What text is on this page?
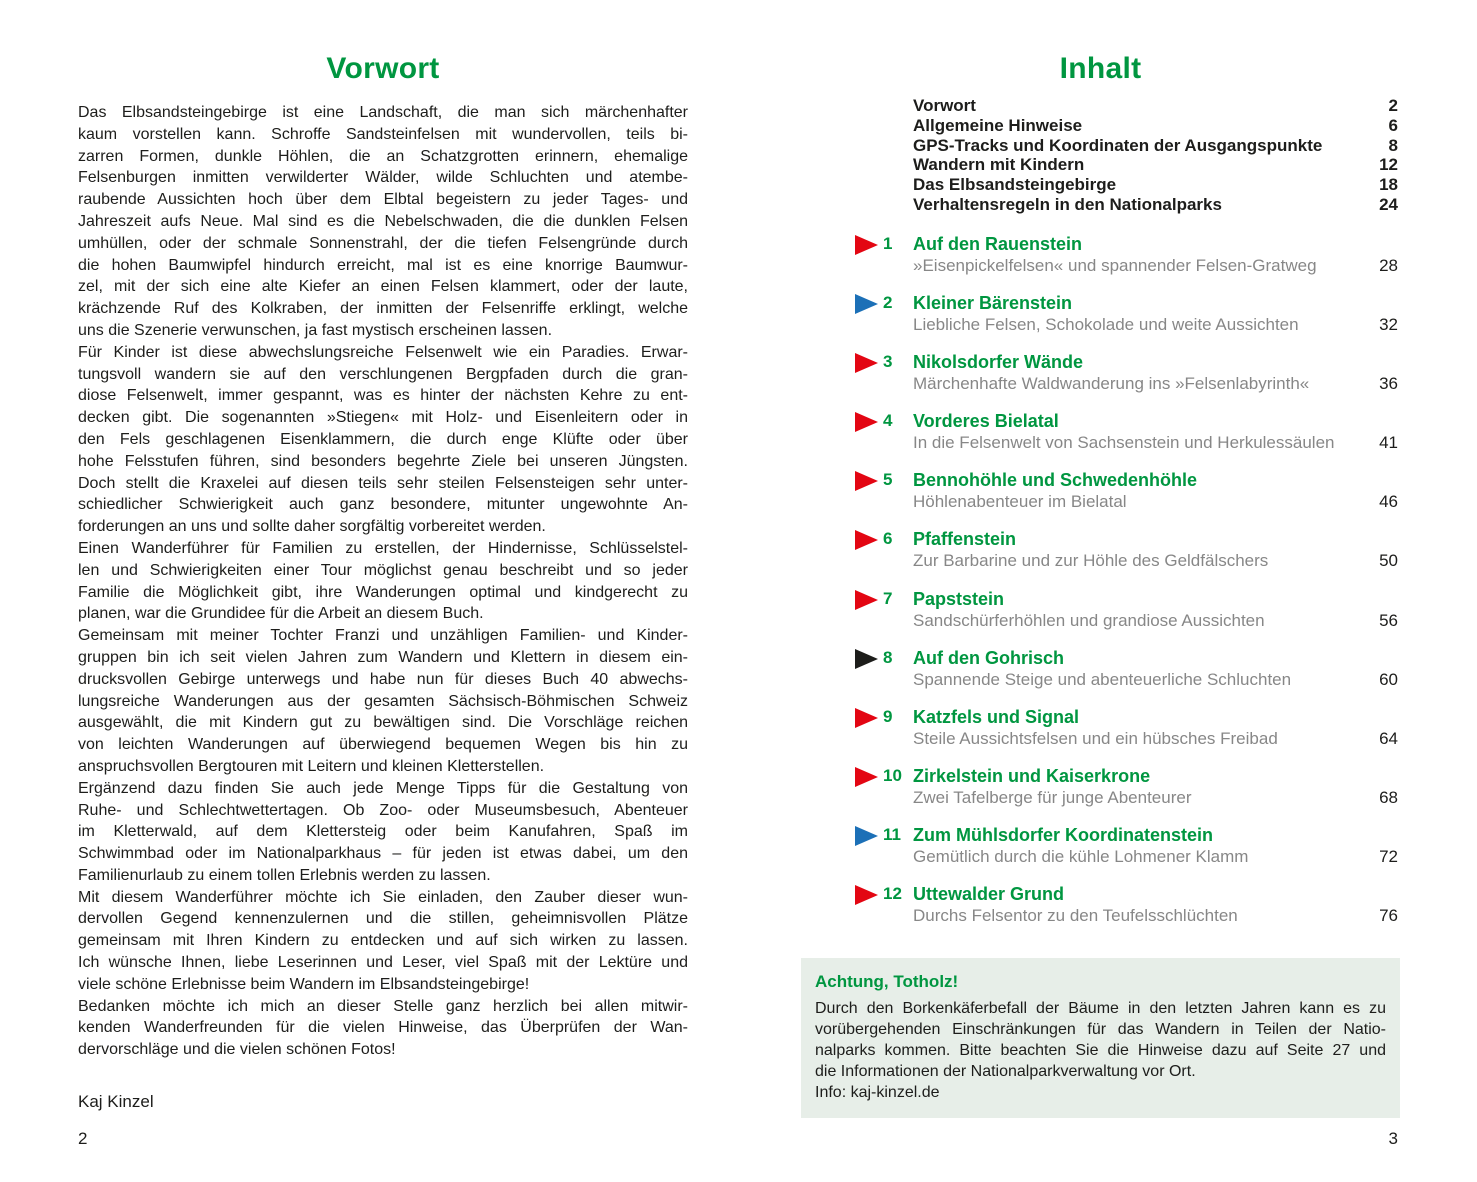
Vorwort
Das Elbsandsteingebirge ist eine Landschaft, die man sich märchenhafter
kaum vorstellen kann. Schroffe Sandsteinfelsen mit wundervollen, teils bi-
zarren Formen, dunkle Höhlen, die an Schatzgrotten erinnern, ehemalige
Felsenburgen inmitten verwilderter Wälder, wilde Schluchten und atembe-
raubende Aussichten hoch über dem Elbtal begeistern zu jeder Tages- und
Jahreszeit aufs Neue. Mal sind es die Nebelschwaden, die die dunklen Felsen
umhüllen, oder der schmale Sonnenstrahl, der die tiefen Felsengründe durch
die hohen Baumwipfel hindurch erreicht, mal ist es eine knorrige Baumwur-
zel, mit der sich eine alte Kiefer an einen Felsen klammert, oder der laute,
krächzende Ruf des Kolkraben, der inmitten der Felsenriffe erklingt, welche
uns die Szenerie verwunschen, ja fast mystisch erscheinen lassen.
Für Kinder ist diese abwechslungsreiche Felsenwelt wie ein Paradies. Erwar-
tungsvoll wandern sie auf den verschlungenen Bergpfaden durch die gran-
diose Felsenwelt, immer gespannt, was es hinter der nächsten Kehre zu ent-
decken gibt. Die sogenannten »Stiegen« mit Holz- und Eisenleitern oder in
den Fels geschlagenen Eisenklammern, die durch enge Klüfte oder über
hohe Felsstufen führen, sind besonders begehrte Ziele bei unseren Jüngsten.
Doch stellt die Kraxelei auf diesen teils sehr steilen Felsensteigen sehr unter-
schiedlicher Schwierigkeit auch ganz besondere, mitunter ungewohnte An-
forderungen an uns und sollte daher sorgfältig vorbereitet werden.
Einen Wanderführer für Familien zu erstellen, der Hindernisse, Schlüsselstel-
len und Schwierigkeiten einer Tour möglichst genau beschreibt und so jeder
Familie die Möglichkeit gibt, ihre Wanderungen optimal und kindgerecht zu
planen, war die Grundidee für die Arbeit an diesem Buch.
Gemeinsam mit meiner Tochter Franzi und unzähligen Familien- und Kinder-
gruppen bin ich seit vielen Jahren zum Wandern und Klettern in diesem ein-
drucksvollen Gebirge unterwegs und habe nun für dieses Buch 40 abwechs-
lungsreiche Wanderungen aus der gesamten Sächsisch-Böhmischen Schweiz
ausgewählt, die mit Kindern gut zu bewältigen sind. Die Vorschläge reichen
von leichten Wanderungen auf überwiegend bequemen Wegen bis hin zu
anspruchsvollen Bergtouren mit Leitern und kleinen Kletterstellen.
Ergänzend dazu finden Sie auch jede Menge Tipps für die Gestaltung von
Ruhe- und Schlechtwettertagen. Ob Zoo- oder Museumsbesuch, Abenteuer
im Kletterwald, auf dem Klettersteig oder beim Kanufahren, Spaß im
Schwimmbad oder im Nationalparkhaus – für jeden ist etwas dabei, um den
Familienurlaub zu einem tollen Erlebnis werden zu lassen.
Mit diesem Wanderführer möchte ich Sie einladen, den Zauber dieser wun-
dervollen Gegend kennenzulernen und die stillen, geheimnisvollen Plätze
gemeinsam mit Ihren Kindern zu entdecken und auf sich wirken zu lassen.
Ich wünsche Ihnen, liebe Leserinnen und Leser, viel Spaß mit der Lektüre und
viele schöne Erlebnisse beim Wandern im Elbsandsteingebirge!
Bedanken möchte ich mich an dieser Stelle ganz herzlich bei allen mitwir-
kenden Wanderfreunden für die vielen Hinweise, das Überprüfen der Wan-
dervorschläge und die vielen schönen Fotos!
Kaj Kinzel
2
Inhalt
Vorwort	2
Allgemeine Hinweise	6
GPS-Tracks und Koordinaten der Ausgangspunkte	8
Wandern mit Kindern	12
Das Elbsandsteingebirge	18
Verhaltensregeln in den Nationalparks	24
1 Auf den Rauenstein
»Eisenpickelfelsen« und spannender Felsen-Gratweg	28
2 Kleiner Bärenstein
Liebliche Felsen, Schokolade und weite Aussichten	32
3 Nikolsdorfer Wände
Märchenhafte Waldwanderung ins »Felsenlabyrinth«	36
4 Vorderes Bielatal
In die Felsenwelt von Sachsenstein und Herkulessäulen	41
5 Bennohöhle und Schwedenhöhle
Höhlenabenteuer im Bielatal	46
6 Pfaffenstein
Zur Barbarine und zur Höhle des Geldfälschers	50
7 Papststein
Sandschürferhöhlen und grandiose Aussichten	56
8 Auf den Gohrisch
Spannende Steige und abenteuerliche Schluchten	60
9 Katzfels und Signal
Steile Aussichtsfelsen und ein hübsches Freibad	64
10 Zirkelstein und Kaiserkrone
Zwei Tafelberge für junge Abenteurer	68
11 Zum Mühlsdorfer Koordinatenstein
Gemütlich durch die kühle Lohmener Klamm	72
12 Uttewalder Grund
Durchs Felsentor zu den Teufelsschlüchten	76
Achtung, Totholz!
Durch den Borkenkäferbefall der Bäume in den letzten Jahren kann es zu
vorübergehenden Einschränkungen für das Wandern in Teilen der Natio-
nalparks kommen. Bitte beachten Sie die Hinweise dazu auf Seite 27 und
die Informationen der Nationalparkverwaltung vor Ort.
Info: kaj-kinzel.de
3
